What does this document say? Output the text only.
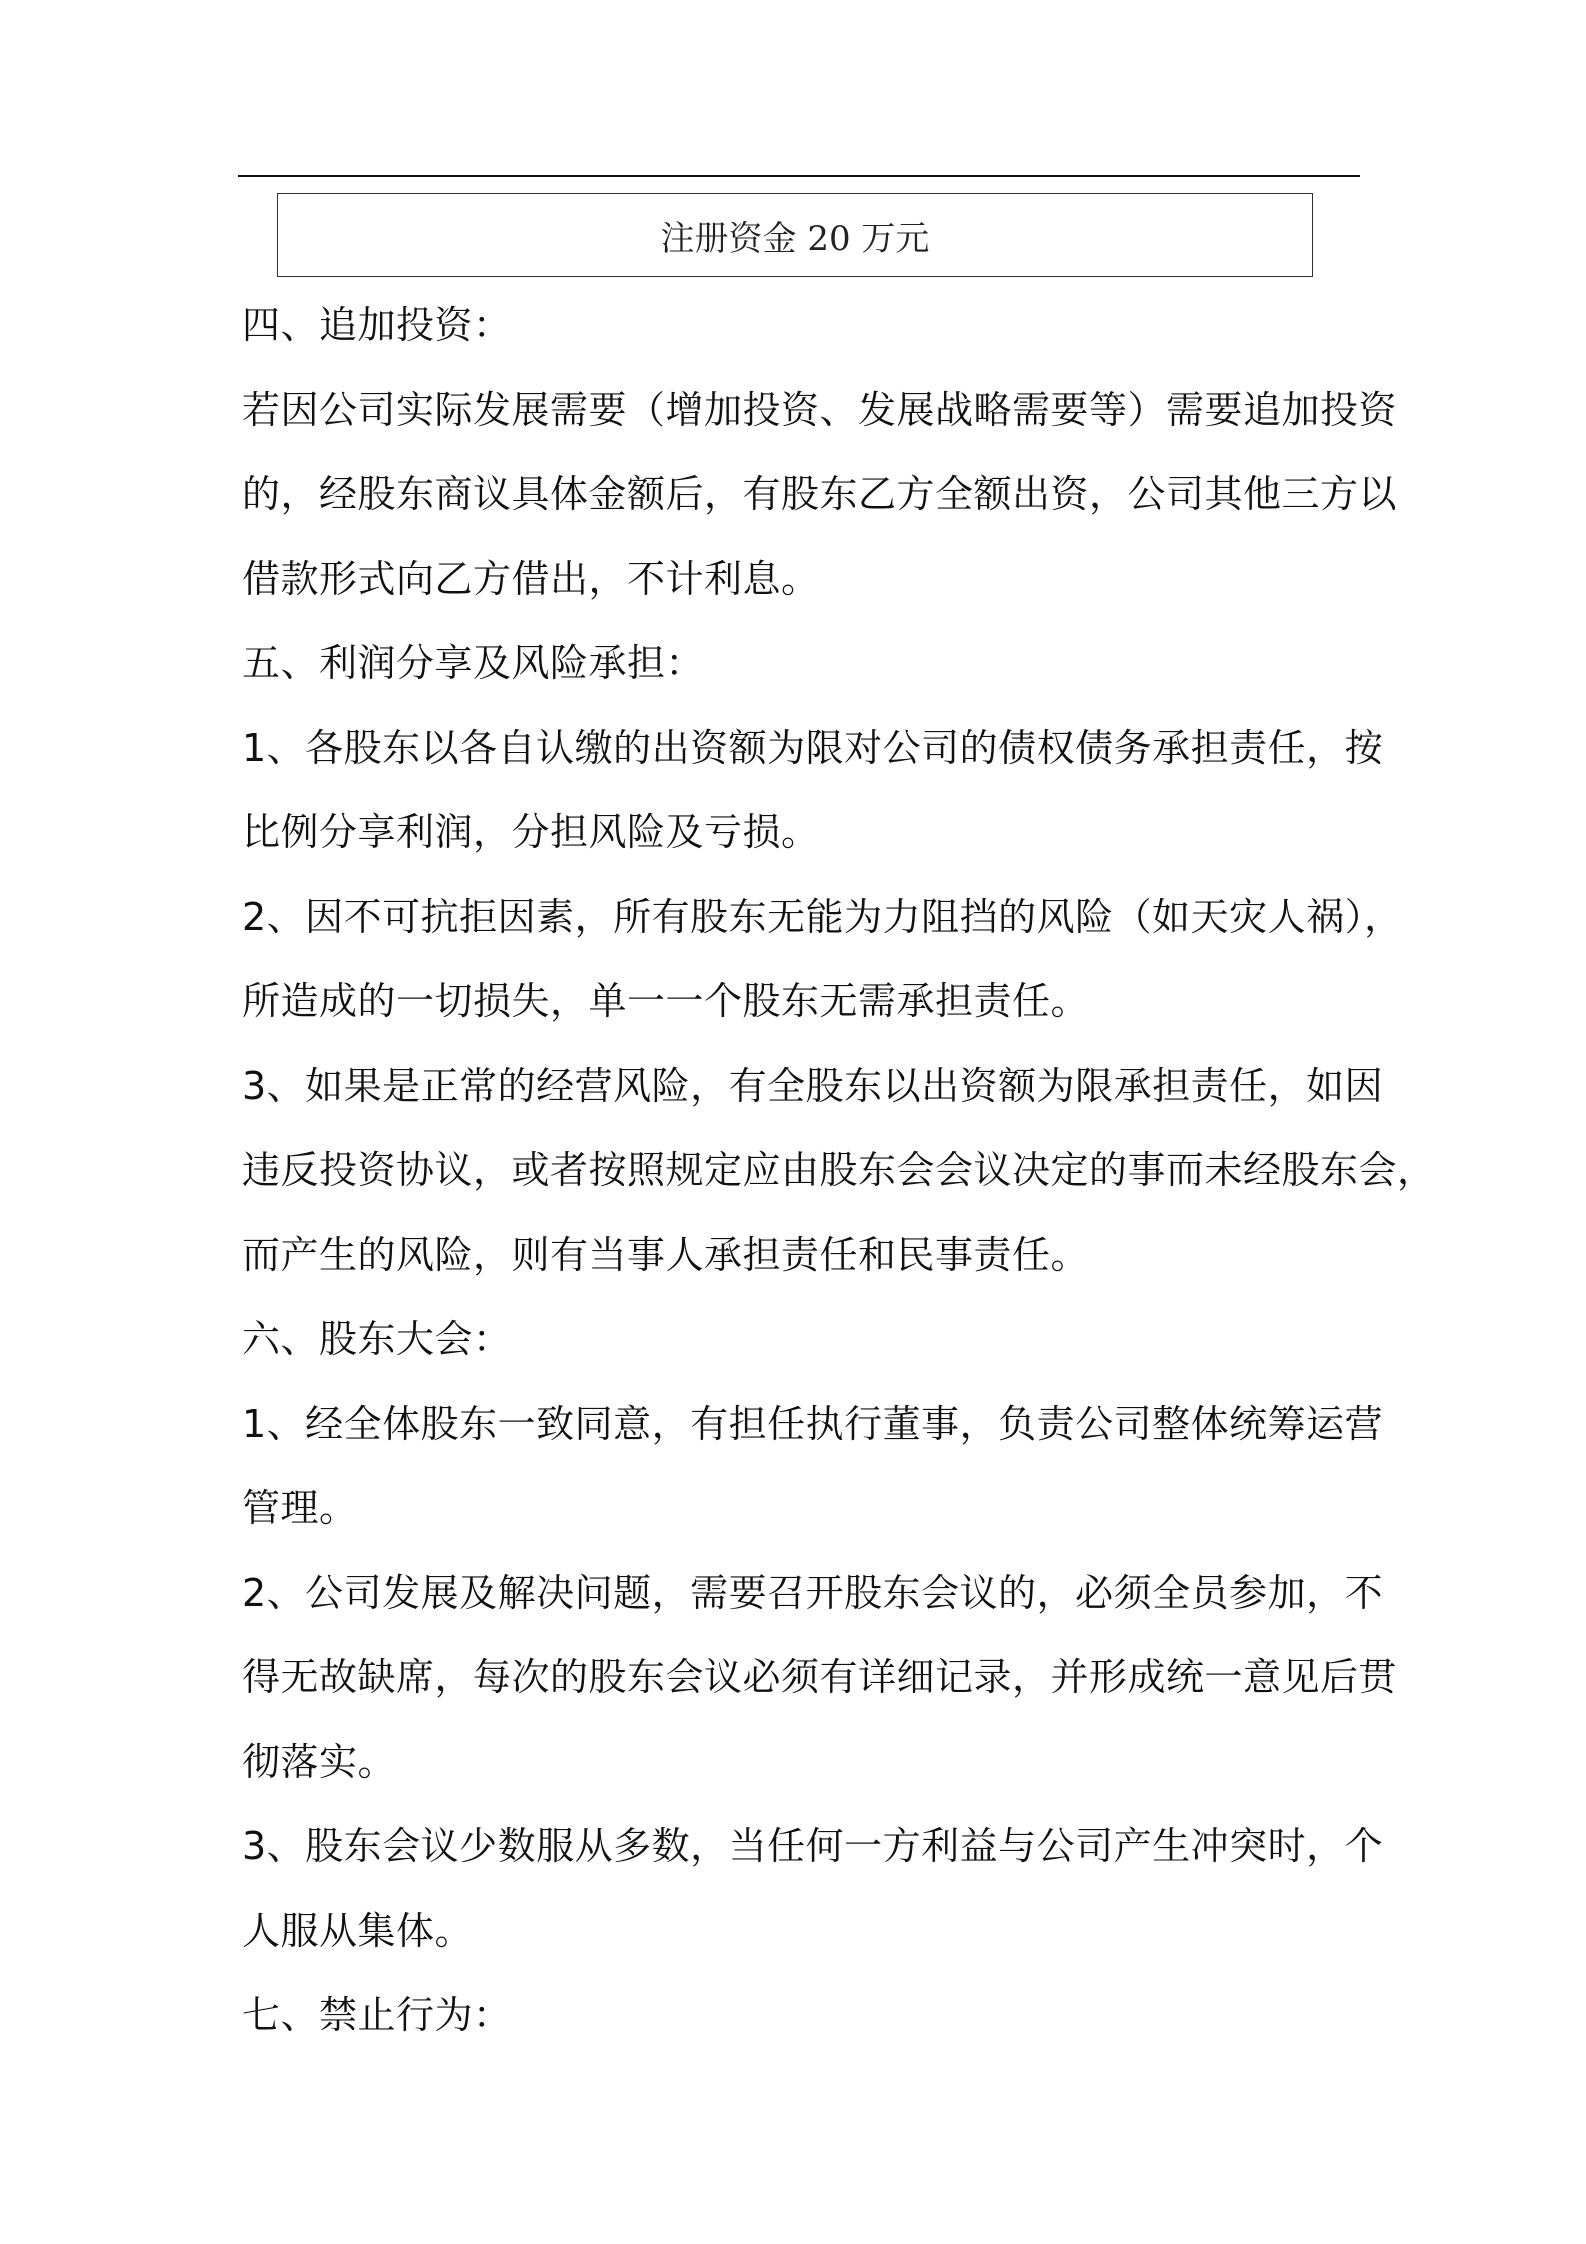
注册资金 20 万元
四、追加投资：
若因公司实际发展需要（增加投资、发展战略需要等）需要追加投资
的，经股东商议具体金额后，有股东乙方全额出资，公司其他三方以
借款形式向乙方借出，不计利息。
五、利润分享及风险承担：
1、各股东以各自认缴的出资额为限对公司的债权债务承担责任，按
比例分享利润，分担风险及亏损。
2、因不可抗拒因素，所有股东无能为力阻挡的风险（如天灾人祸），
所造成的一切损失，单一一个股东无需承担责任。
3、如果是正常的经营风险，有全股东以出资额为限承担责任，如因
违反投资协议，或者按照规定应由股东会会议决定的事而未经股东会，
而产生的风险，则有当事人承担责任和民事责任。
六、股东大会：
1、经全体股东一致同意，有担任执行董事，负责公司整体统筹运营
管理。
2、公司发展及解决问题，需要召开股东会议的，必须全员参加，不
得无故缺席，每次的股东会议必须有详细记录，并形成统一意见后贯
彻落实。
3、股东会议少数服从多数，当任何一方利益与公司产生冲突时，个
人服从集体。
七、禁止行为：
